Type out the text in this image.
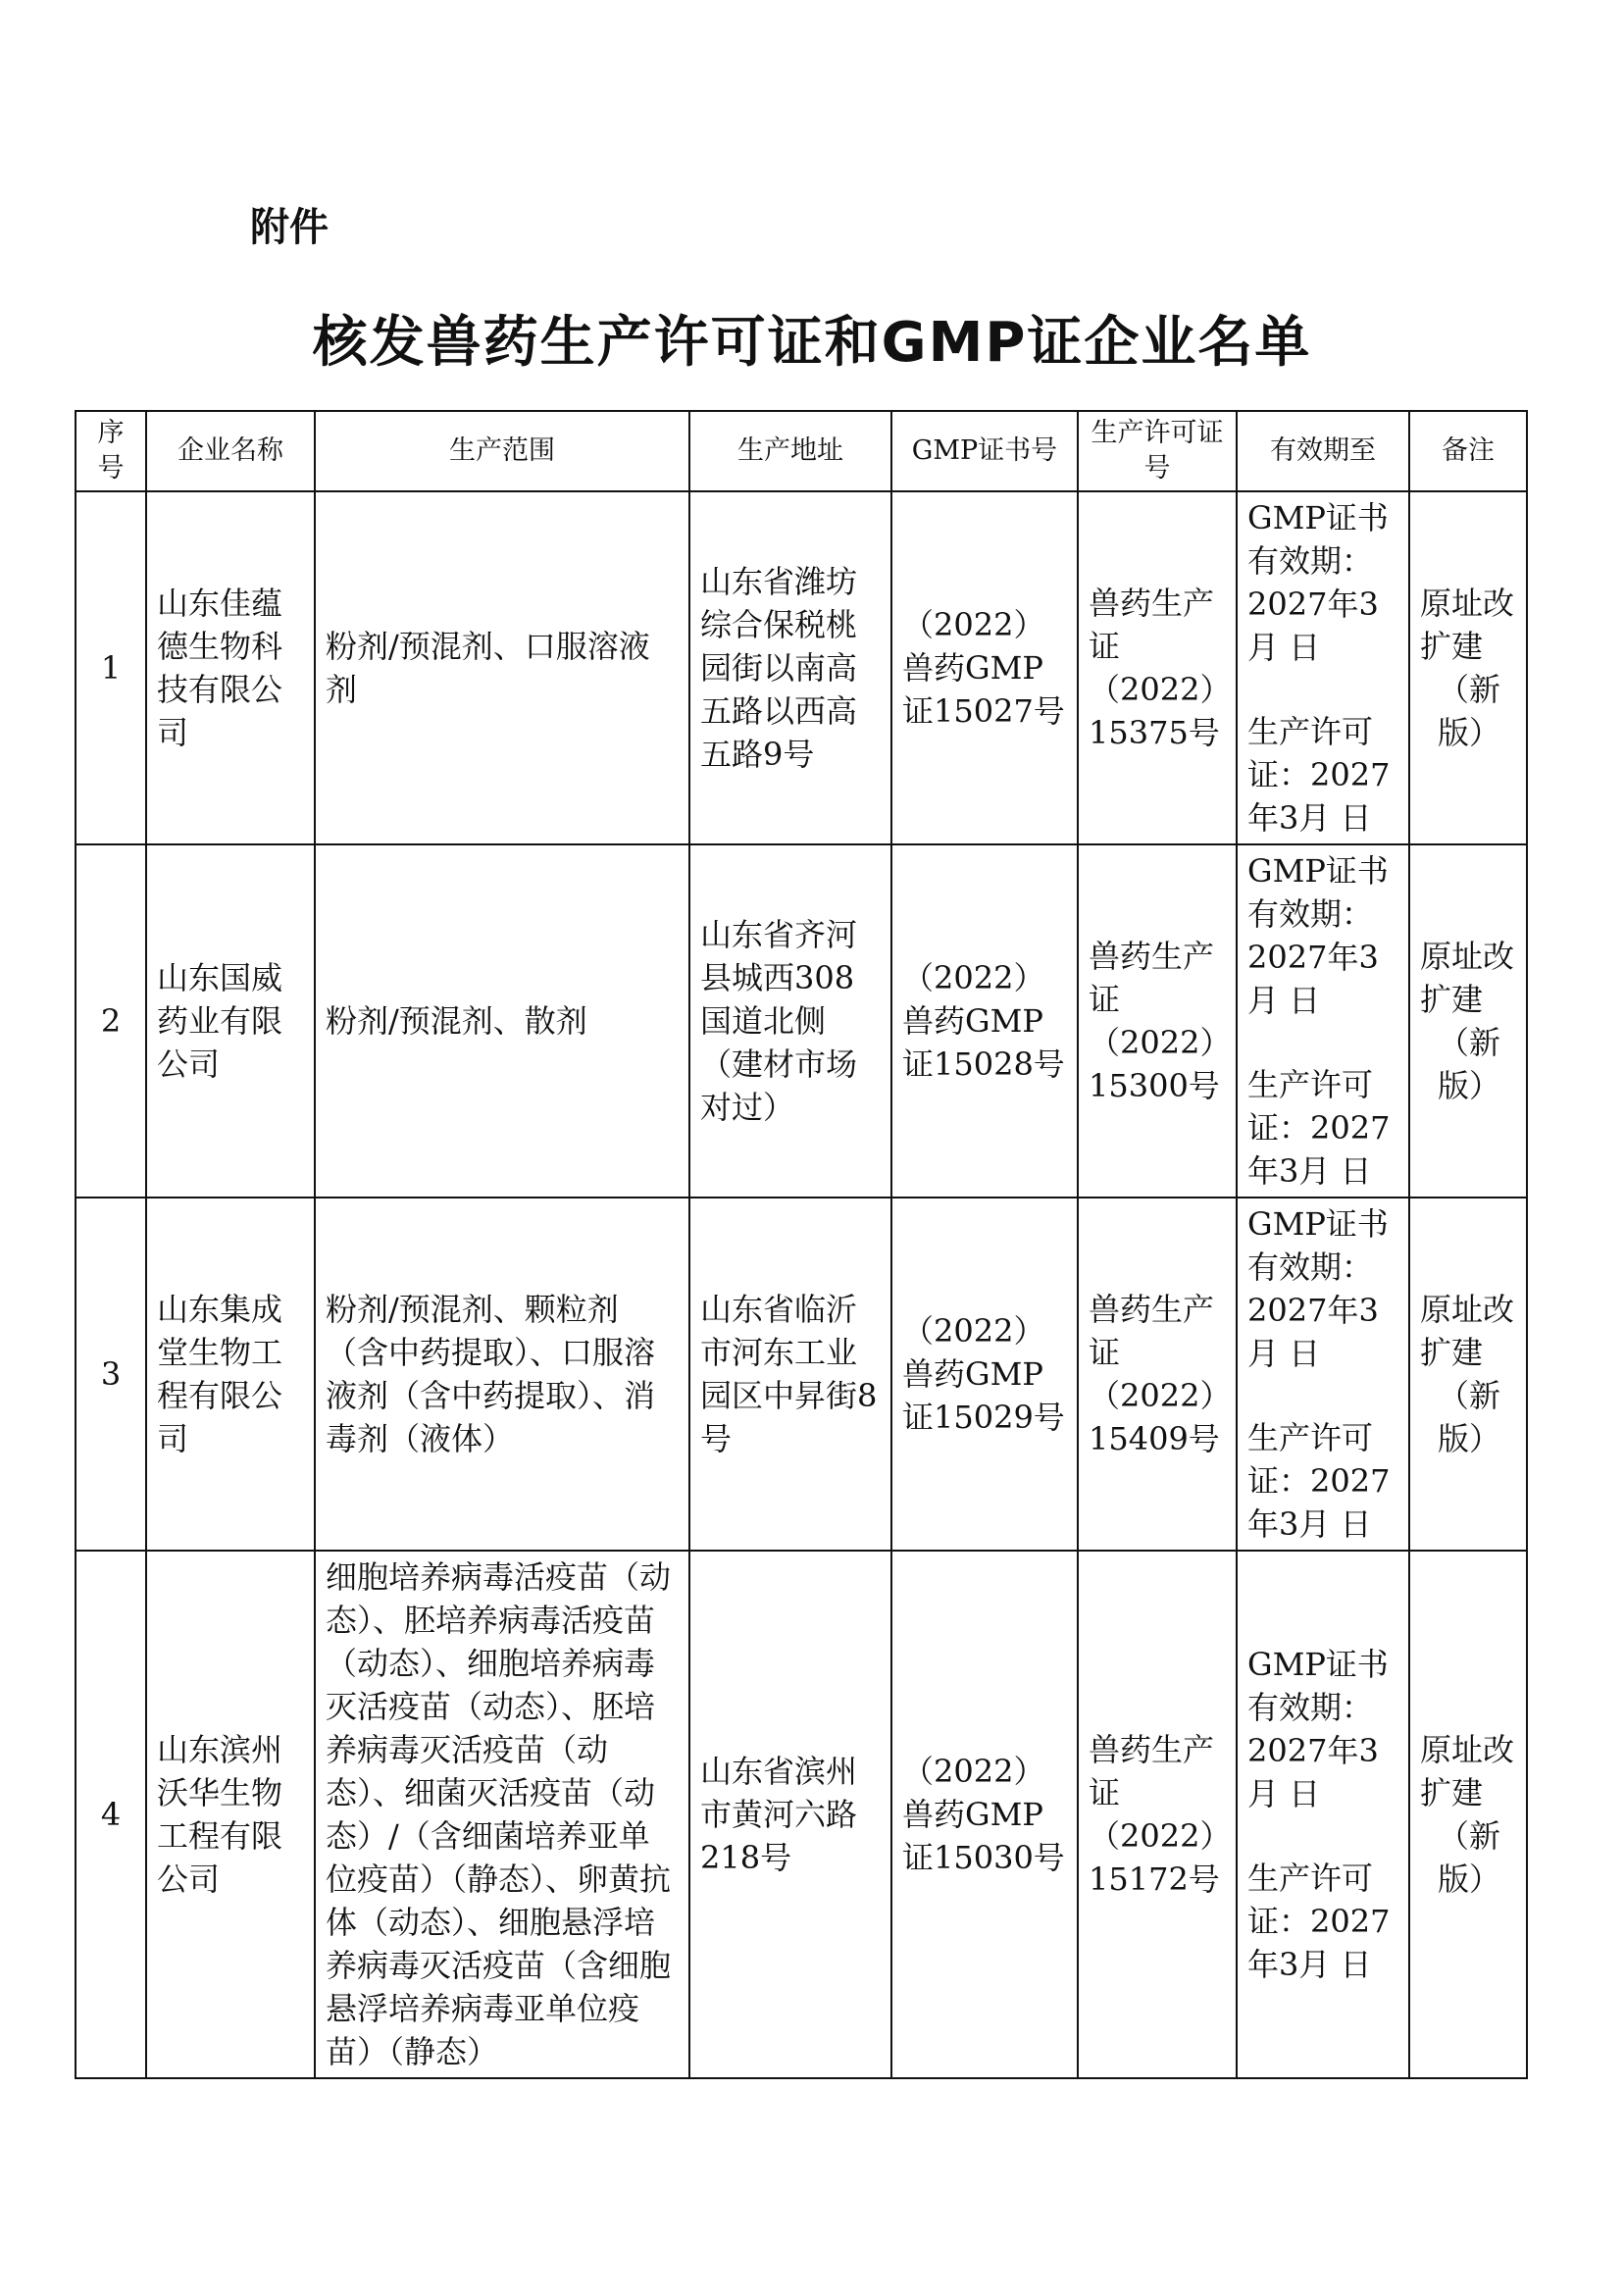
附件
核发兽药生产许可证和GMP证企业名单
序号	企业名称	生产范围	生产地址	GMP证书号	生产许可证号	有效期至	备注
1	山东佳蕴德生物科技有限公司	粉剂/预混剂、口服溶液剂	山东省潍坊综合保税桃园街以南高五路以西高五路9号	（2022）兽药GMP证15027号	兽药生产证（2022）15375号	GMP证书有效期：2027年3月 日
生产许可证：2027年3月 日	原址改扩建
（新版）

2	山东国威药业有限公司	粉剂/预混剂、散剂	山东省齐河县城西308国道北侧（建材市场对过）	（2022）兽药GMP证15028号	兽药生产证（2022）15300号	GMP证书有效期：2027年3月 日
生产许可证：2027年3月 日	原址改扩建
（新版）

3	山东集成堂生物工程有限公司	粉剂/预混剂、颗粒剂（含中药提取）、口服溶液剂（含中药提取）、消毒剂（液体）	山东省临沂市河东工业园区中昇街8号	（2022）兽药GMP证15029号	兽药生产证（2022）15409号	GMP证书有效期：2027年3月 日
生产许可证：2027年3月 日	原址改扩建
（新版）

4	山东滨州沃华生物工程有限公司	细胞培养病毒活疫苗（动态）、胚培养病毒活疫苗（动态）、细胞培养病毒灭活疫苗（动态）、胚培养病毒灭活疫苗（动态）、细菌灭活疫苗（动态）/（含细菌培养亚单位疫苗）（静态）、卵黄抗体（动态）、细胞悬浮培养病毒灭活疫苗（含细胞悬浮培养病毒亚单位疫苗）（静态）	山东省滨州市黄河六路218号	（2022）兽药GMP证15030号	兽药生产证（2022）15172号	GMP证书有效期：2027年3月 日
生产许可证：2027年3月 日	原址改扩建
（新版）
